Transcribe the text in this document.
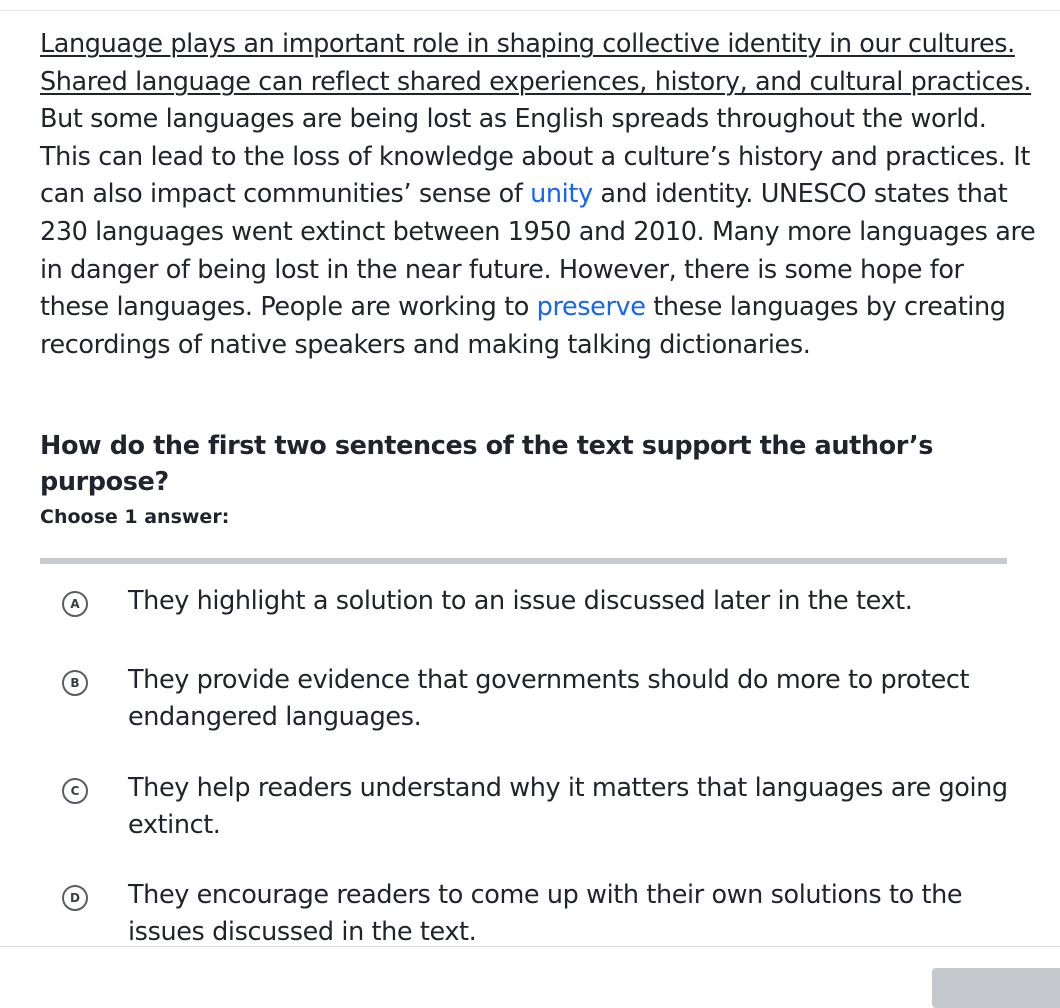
Language plays an important role in shaping collective identity in our cultures. Shared language can reflect shared experiences, history, and cultural practices. But some languages are being lost as English spreads throughout the world. This can lead to the loss of knowledge about a culture’s history and practices. It can also impact communities’ sense of unity and identity. UNESCO states that 230 languages went extinct between 1950 and 2010. Many more languages are in danger of being lost in the near future. However, there is some hope for these languages. People are working to preserve these languages by creating recordings of native speakers and making talking dictionaries.
How do the first two sentences of the text support the author’s purpose?
Choose 1 answer:
A	They highlight a solution to an issue discussed later in the text.
B	They provide evidence that governments should do more to protect endangered languages.
C	They help readers understand why it matters that languages are going extinct.
D	They encourage readers to come up with their own solutions to the issues discussed in the text.
